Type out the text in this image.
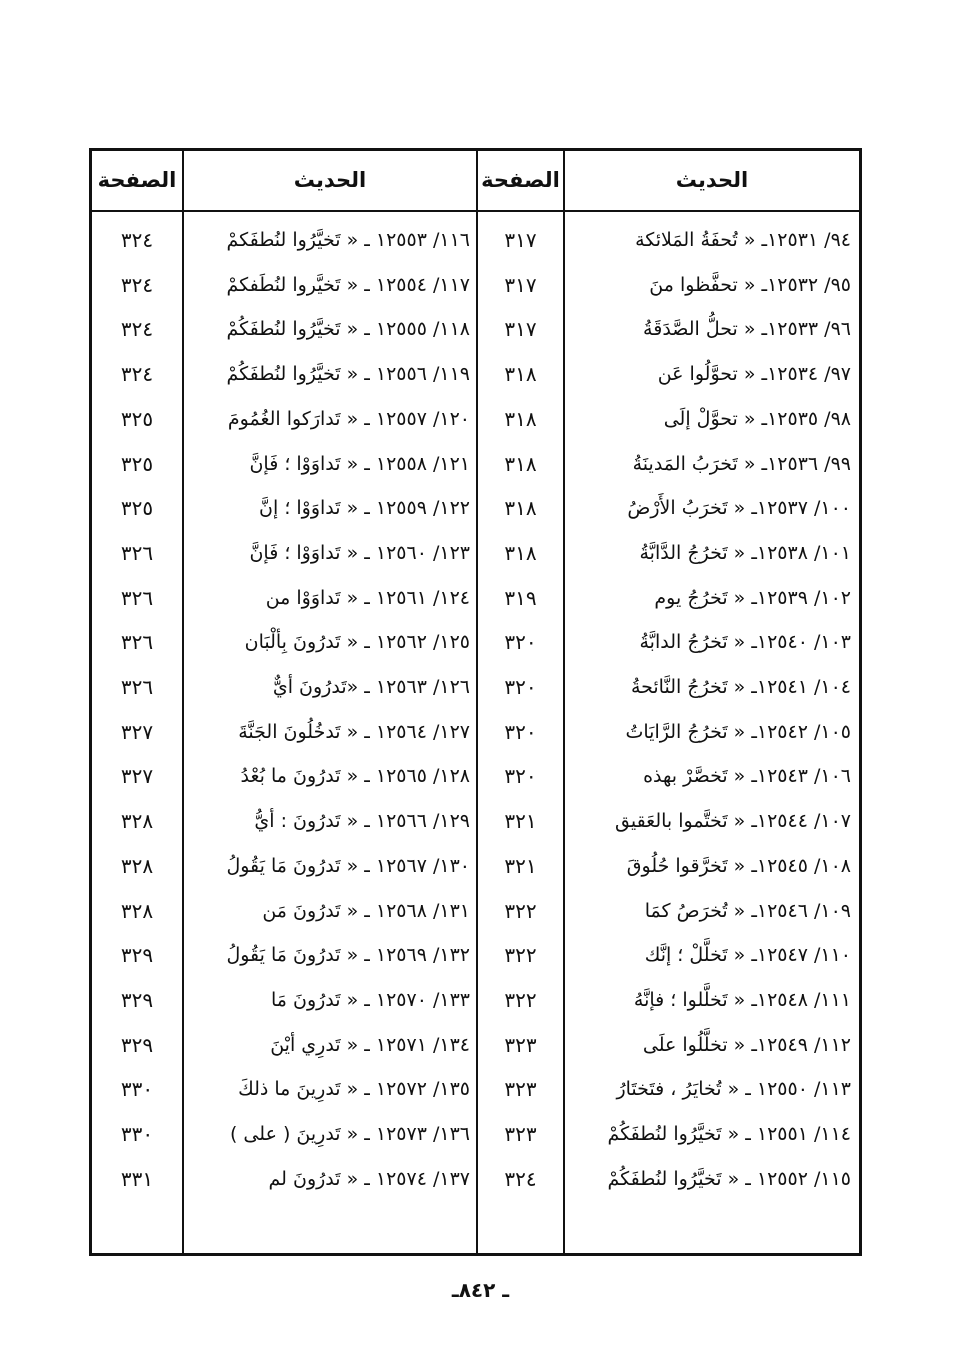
الحديث
الصفحة
الحديث
الصفحة
٩٤/ ١٢٥٣١ـ « تُحفَةُ المَلائكة
٣١٧
٩٥/ ١٢٥٣٢ـ « تحفَّظوا منَ
٣١٧
٩٦/ ١٢٥٣٣ـ « تحلُّ الصَّدَقَةُ
٣١٧
٩٧/ ١٢٥٣٤ـ « تحوَّلُوا عَن
٣١٨
٩٨/ ١٢٥٣٥ـ « تحوَّلْ إلَى
٣١٨
٩٩/ ١٢٥٣٦ـ « تَخرَبُ المَدينَةُ
٣١٨
١٠٠/ ١٢٥٣٧ـ « تَخرَبُ الأَرْضُ
٣١٨
١٠١/ ١٢٥٣٨ـ « تَخرُجُ الدَّابَّةُ
٣١٨
١٠٢/ ١٢٥٣٩ـ « تَخرُجُ يوم
٣١٩
١٠٣/ ١٢٥٤٠ـ « تَخرُجُ الدابَّةُ
٣٢٠
١٠٤/ ١٢٥٤١ـ « تَخرُجُ النَّائحةُ
٣٢٠
١٠٥/ ١٢٥٤٢ـ « تَخرُجُ الرَّايَاتُ
٣٢٠
١٠٦/ ١٢٥٤٣ـ « تَخصَّرْ بهذه
٣٢٠
١٠٧/ ١٢٥٤٤ـ « تَختَّموا بالعَقيق
٣٢١
١٠٨/ ١٢٥٤٥ـ « تَخرَّقوا حُلُوقَ
٣٢١
١٠٩/ ١٢٥٤٦ـ « تُخرَصُ كمَا
٣٢٢
١١٠/ ١٢٥٤٧ـ « تَخلَّلْ ؛ إنَّك
٣٢٢
١١١/ ١٢٥٤٨ـ « تَخلَّلوا ؛ فإنَّهُ
٣٢٢
١١٢/ ١٢٥٤٩ـ « تخلَّلُوا علَى
٣٢٣
١١٣/ ١٢٥٥٠ ـ « تُخايَرُ ، فتَختَارُ
٣٢٣
١١٤/ ١٢٥٥١ ـ « تَخيَّرُوا لنُطفَكُمْ
٣٢٣
١١٥/ ١٢٥٥٢ ـ « تَخيَّرُوا لنُطفَكُمْ
٣٢٤
١١٦/ ١٢٥٥٣ ـ « تَخيَّرُوا لنُطفَكمْ
٣٢٤
١١٧/ ١٢٥٥٤ ـ « تَخيَّروا لنُطَفكمْ
٣٢٤
١١٨/ ١٢٥٥٥ ـ « تَخيَّرُوا لنُطفَكُمْ
٣٢٤
١١٩/ ١٢٥٥٦ ـ « تَخيَّرُوا لنُطفَكُمْ
٣٢٤
١٢٠/ ١٢٥٥٧ ـ « تَدارَكوا الغُمُومَ
٣٢٥
١٢١/ ١٢٥٥٨ ـ « تَداوَوْا ؛ فَإنَّ
٣٢٥
١٢٢/ ١٢٥٥٩ ـ « تَداوَوْا ؛ إنَّ
٣٢٥
١٢٣/ ١٢٥٦٠ ـ « تَداوَوْا ؛ فَإنَّ
٣٢٦
١٢٤/ ١٢٥٦١ ـ « تَداوَوْا من
٣٢٦
١٢٥/ ١٢٥٦٢ ـ « تَدرُونَ بِألْبَان
٣٢٦
١٢٦/ ١٢٥٦٣ ـ «تَدرُونَ أيٌّ
٣٢٦
١٢٧/ ١٢٥٦٤ ـ « تَدخُلُونَ الجَنَّةَ
٣٢٧
١٢٨/ ١٢٥٦٥ ـ « تَدرُونَ ما بُعْدُ
٣٢٧
١٢٩/ ١٢٥٦٦ ـ « تَدرُونَ : أيُّ
٣٢٨
١٣٠/ ١٢٥٦٧ ـ « تَدرُونَ مَا يَقُولُ
٣٢٨
١٣١/ ١٢٥٦٨ ـ « تَدرُونَ مَن
٣٢٨
١٣٢/ ١٢٥٦٩ ـ « تَدرُونَ مَا يَقُولُ
٣٢٩
١٣٣/ ١٢٥٧٠ ـ « تَدرُونَ مَا
٣٢٩
١٣٤/ ١٢٥٧١ ـ « تَدرِي أيْنَ
٣٢٩
١٣٥/ ١٢٥٧٢ ـ « تَدرِينَ ما ذلكَ
٣٣٠
١٣٦/ ١٢٥٧٣ ـ « تَدرِينَ ( على )
٣٣٠
١٣٧/ ١٢٥٧٤ ـ « تَدرُونَ لم
٣٣١
ـ ٨٤٢ـ
